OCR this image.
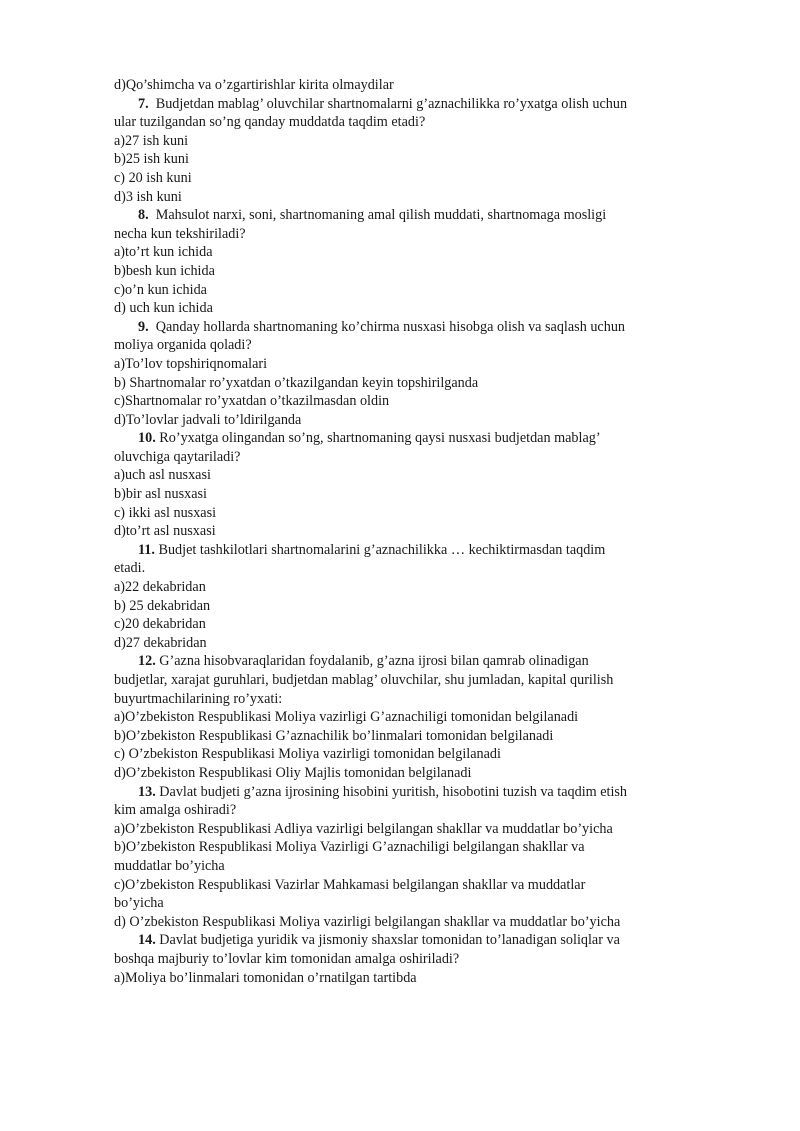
d)Qo’shimcha va o’zgartirishlar kirita olmaydilar

7. Budjetdan mablag’ oluvchilar shartnomalarni g’aznachilikka ro’yxatga olish uchun ular tuzilgandan so’ng qanday muddatda taqdim etadi?

a)27 ish kuni

b)25 ish kuni

c) 20 ish kuni

d)3 ish kuni

8. Mahsulot narxi, soni, shartnomaning amal qilish muddati, shartnomaga mosligi necha kun tekshiriladi?

a)to’rt kun ichida

b)besh kun ichida

c)o’n kun ichida

d) uch kun ichida

9. Qanday hollarda shartnomaning ko’chirma nusxasi hisobga olish va saqlash uchun moliya organida qoladi?

a)To’lov topshiriqnomalari

b) Shartnomalar ro’yxatdan o’tkazilgandan keyin topshirilganda

c)Shartnomalar ro’yxatdan o’tkazilmasdan oldin

d)To’lovlar jadvali to’ldirilganda

10. Ro’yxatga olingandan so’ng, shartnomaning qaysi nusxasi budjetdan mablag’ oluvchiga qaytariladi?

a)uch asl nusxasi

b)bir asl nusxasi

c) ikki asl nusxasi

d)to’rt asl nusxasi

11. Budjet tashkilotlari shartnomalarini g’aznachilikka … kechiktirmasdan taqdim etadi.

a)22 dekabridan

b) 25 dekabridan

c)20 dekabridan

d)27 dekabridan

12. G’azna hisobvaraqlaridan foydalanib, g’azna ijrosi bilan qamrab olinadigan budjetlar, xarajat guruhlari, budjetdan mablag’ oluvchilar, shu jumladan, kapital qurilish buyurtmachilarining ro’yxati:

a)O’zbekiston Respublikasi Moliya vazirligi G’aznachiligi tomonidan belgilanadi

b)O’zbekiston Respublikasi G’aznachilik bo’linmalari tomonidan belgilanadi

c) O’zbekiston Respublikasi Moliya vazirligi tomonidan belgilanadi

d)O’zbekiston Respublikasi Oliy Majlis tomonidan belgilanadi

13. Davlat budjeti g’azna ijrosining hisobini yuritish, hisobotini tuzish va taqdim etish kim amalga oshiradi?

a)O’zbekiston Respublikasi Adliya vazirligi belgilangan shakllar va muddatlar bo’yicha

b)O’zbekiston Respublikasi Moliya Vazirligi G’aznachiligi belgilangan shakllar va muddatlar bo’yicha

c)O’zbekiston Respublikasi Vazirlar Mahkamasi belgilangan shakllar va muddatlar bo’yicha

d) O’zbekiston Respublikasi Moliya vazirligi belgilangan shakllar va muddatlar bo’yicha

14. Davlat budjetiga yuridik va jismoniy shaxslar tomonidan to’lanadigan soliqlar va boshqa majburiy to’lovlar kim tomonidan amalga oshiriladi?

a)Moliya bo’linmalari tomonidan o’rnatilgan tartibda
